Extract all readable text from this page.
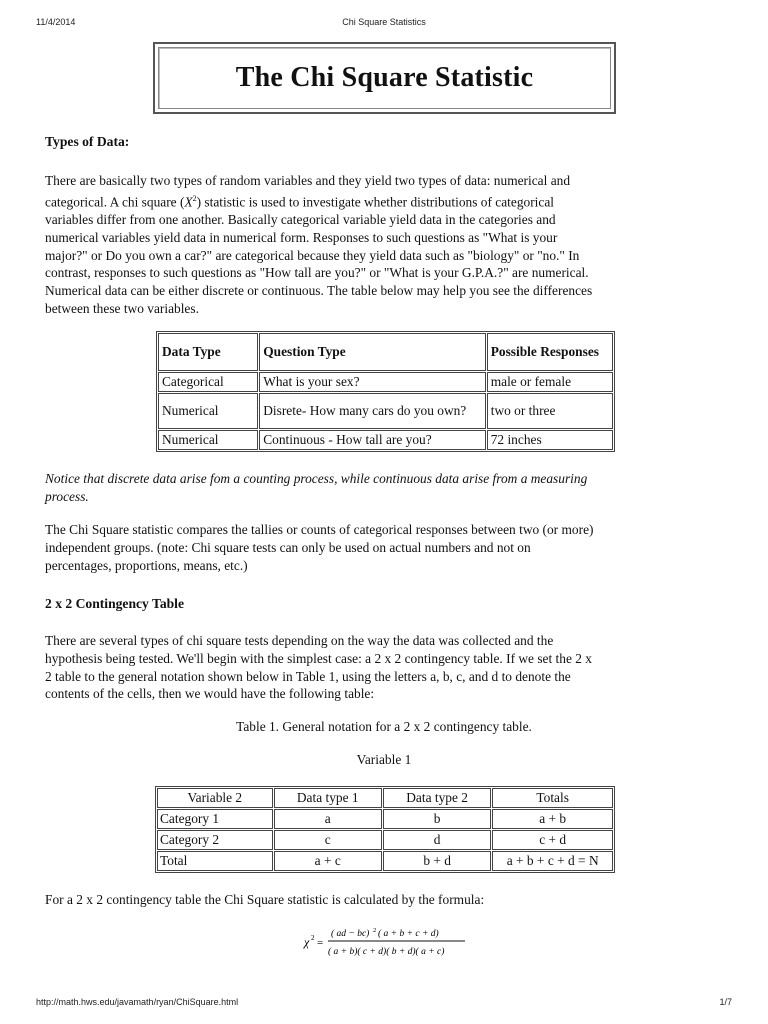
11/4/2014	Chi Square Statistics
The Chi Square Statistic
Types of Data:
There are basically two types of random variables and they yield two types of data: numerical and
categorical. A chi square $(X^2)$ statistic is used to investigate whether distributions of categorical
variables differ from one another. Basically categorical variable yield data in the categories and
numerical variables yield data in numerical form. Responses to such questions as "What is your
major?" or Do you own a car?" are categorical because they yield data such as "biology" or "no." In
contrast, responses to such questions as "How tall are you?" or "What is your G.P.A.?" are numerical.
Numerical data can be either discrete or continuous. The table below may help you see the differences
between these two variables.
Data Type	Question Type	Possible Responses
Categorical	What is your sex?	male or female
Numerical	Disrete- How many cars do you own?	two or three
Numerical	Continuous - How tall are you?	72 inches
Notice that discrete data arise fom a counting process, while continuous data arise from a measuring
process.
The Chi Square statistic compares the tallies or counts of categorical responses between two (or more)
independent groups. (note: Chi square tests can only be used on actual numbers and not on
percentages, proportions, means, etc.)
2 x 2 Contingency Table
There are several types of chi square tests depending on the way the data was collected and the
hypothesis being tested. We'll begin with the simplest case: a 2 x 2 contingency table. If we set the 2 x
2 table to the general notation shown below in Table 1, using the letters a, b, c, and d to denote the
contents of the cells, then we would have the following table:
Table 1. General notation for a 2 x 2 contingency table.
Variable 1
Variable 2	Data type 1	Data type 2	Totals
Category 1	a	b	a + b
Category 2	c	d	c + d
Total	a + c	b + d	a + b + c + d = N
For a 2 x 2 contingency table the Chi Square statistic is calculated by the formula:
χ 2 =
( ad − bc) 2 ( a + b + c + d)
( a + b)( c + d)( b + d)( a + c)
http://math.hws.edu/javamath/ryan/ChiSquare.html	1/7
